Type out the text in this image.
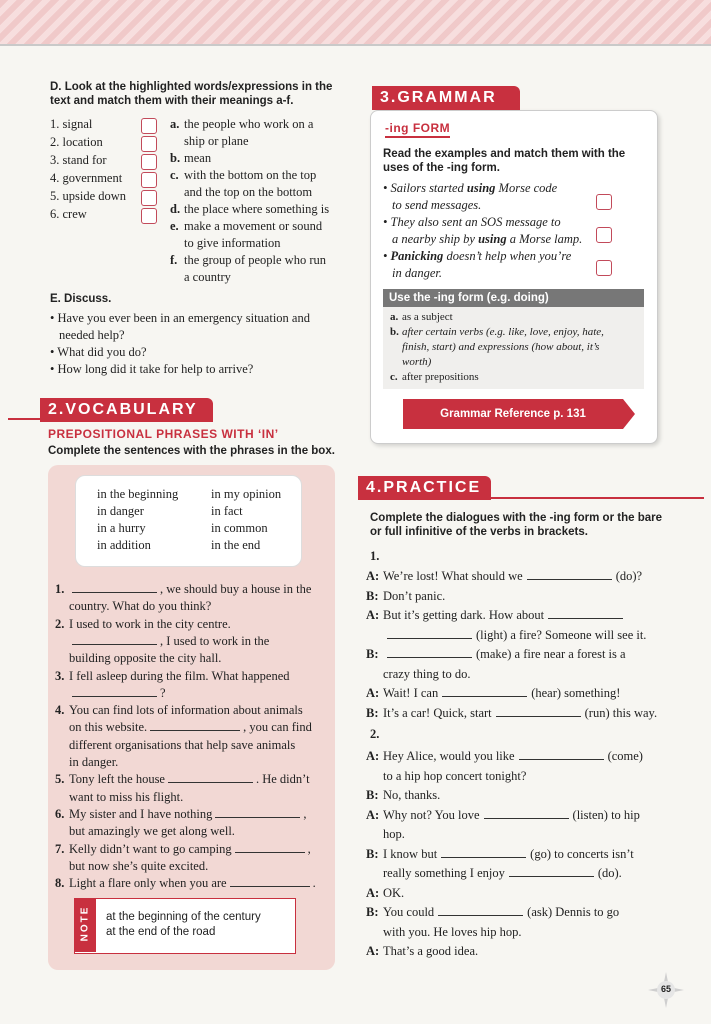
D. Look at the highlighted words/expressions in the text and match them with their meanings a-f.
1. signal
2. location
3. stand for
4. government
5. upside down
6. crew
a. the people who work on a
ship or plane
b. mean
c. with the bottom on the top
and the top on the bottom
d. the place where something is
e. make a movement or sound
to give information
f. the group of people who run
a country
E. Discuss.
• Have you ever been in an emergency situation and
needed help?
• What did you do?
• How long did it take for help to arrive?
2.VOCABULARY
PREPOSITIONAL PHRASES WITH ‘IN’
Complete the sentences with the phrases in the box.
in the beginning
in danger
in a hurry
in addition
in my opinion
in fact
in common
in the end
1.	, we should buy a house in the
country. What do you think?
2. I used to work in the city centre.
, I used to work in the
building opposite the city hall.
3. I fell asleep during the film. What happened
?
4. You can find lots of information about animals
on this website.	, you can find
different organisations that help save animals
in danger.
5. Tony left the house	. He didn’t
want to miss his flight.
6. My sister and I have nothing	,
but amazingly we get along well.
7. Kelly didn’t want to go camping	,
but now she’s quite excited.
8. Light a flare only when you are	.
NOTE at the beginning of the century
at the end of the road
3.GRAMMAR
-ing FORM
Read the examples and match them with the uses of the -ing form.
• Sailors started using Morse code
to send messages.
• They also sent an SOS message to
a nearby ship by using a Morse lamp.
• Panicking doesn’t help when you’re
in danger.
Use the -ing form (e.g. doing)
a. as a subject
b. after certain verbs (e.g. like, love, enjoy, hate,
finish, start) and expressions (how about, it’s
worth)
c. after prepositions
Grammar Reference p. 131
4.PRACTICE
Complete the dialogues with the -ing form or the bare or full infinitive of the verbs in brackets.
1.
A: We’re lost! What should we	(do)?
B: Don’t panic.
A: But it’s getting dark. How about
(light) a fire? Someone will see it.
B:	(make) a fire near a forest is a
crazy thing to do.
A: Wait! I can	(hear) something!
B: It’s a car! Quick, start	(run) this way.
2.
A: Hey Alice, would you like	(come)
to a hip hop concert tonight?
B: No, thanks.
A: Why not? You love	(listen) to hip
hop.
B: I know but	(go) to concerts isn’t
really something I enjoy	(do).
A: OK.
B: You could	(ask) Dennis to go
with you. He loves hip hop.
A: That’s a good idea.
65
